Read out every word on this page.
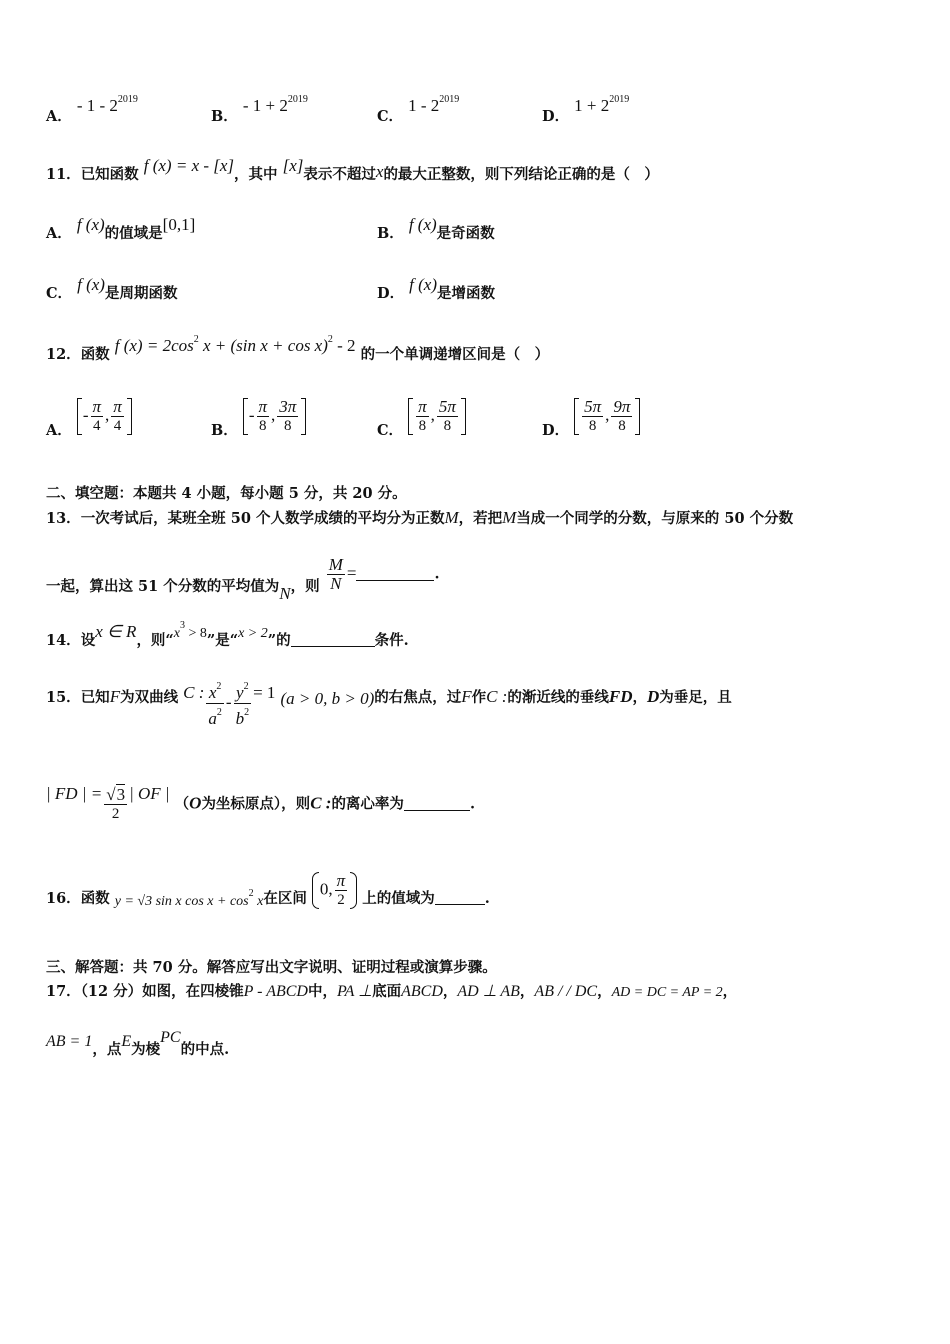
A． - $1 - 2^{2019}$
B． - $1 + 2^{2019}$
C． $1 - 2^{2019}$
D． $1 + 2^{2019}$
11．已知函数 f (x) = x - [x]，其中 [x]表示不超过x的最大正整数，则下列结论正确的是（　）
A． f (x)的值域是[0,1]	B． f (x)是奇函数
C． f (x)是周期函数	D． f (x)是增函数
12．函数 f $(x) = 2\cos^2$ x + (sin x + cos x)$^2$ - 2 的一个单调递增区间是（　）
A． - $\frac{\pi}{4}$ , $\frac{\pi}{4}$	B． - $\frac{\pi}{8}$ , $\frac{3\pi}{8}$	C． $\frac{\pi}{8}$ , $\frac{5\pi}{8}$	D． $\frac{5\pi}{8}$ , $\frac{9\pi}{8}$
二、填空题：本题共 4 小题，每小题 5 分，共 20 分。
13．一次考试后，某班全班 50 个人数学成绩的平均分为正数M，若把M当成一个同学的分数，与原来的 50 个分数
一起，算出这 51 个分数的平均值为N，则 $\frac{M}{N}$ =	.
14．设x ∈ R，则“$x^3 > 8$”是“x > 2”的	条件.
15．已知F为双曲线 C : $\frac{x^2}{a^2} - \frac{y^2}{b^2} = 1$ (a > 0, b > 0)的右焦点，过F作C :的渐近线的垂线FD，D为垂足，且
| FD | = $\frac{√3}{2}$ | OF | （O为坐标原点），则C :的离心率为	.
16．函数 y = √3 sin x $\cos x + \cos^2 x$在区间 0, $\frac{\pi}{2}$ 上的值域为	.
三、解答题：共 70 分。解答应写出文字说明、证明过程或演算步骤。
17．（12 分）如图，在四棱锥P - ABCD中，PA ⊥底面ABCD，AD ⊥ AB，AB / / DC，AD = DC = AP = 2，
AB = 1，点E为棱PC的中点.
